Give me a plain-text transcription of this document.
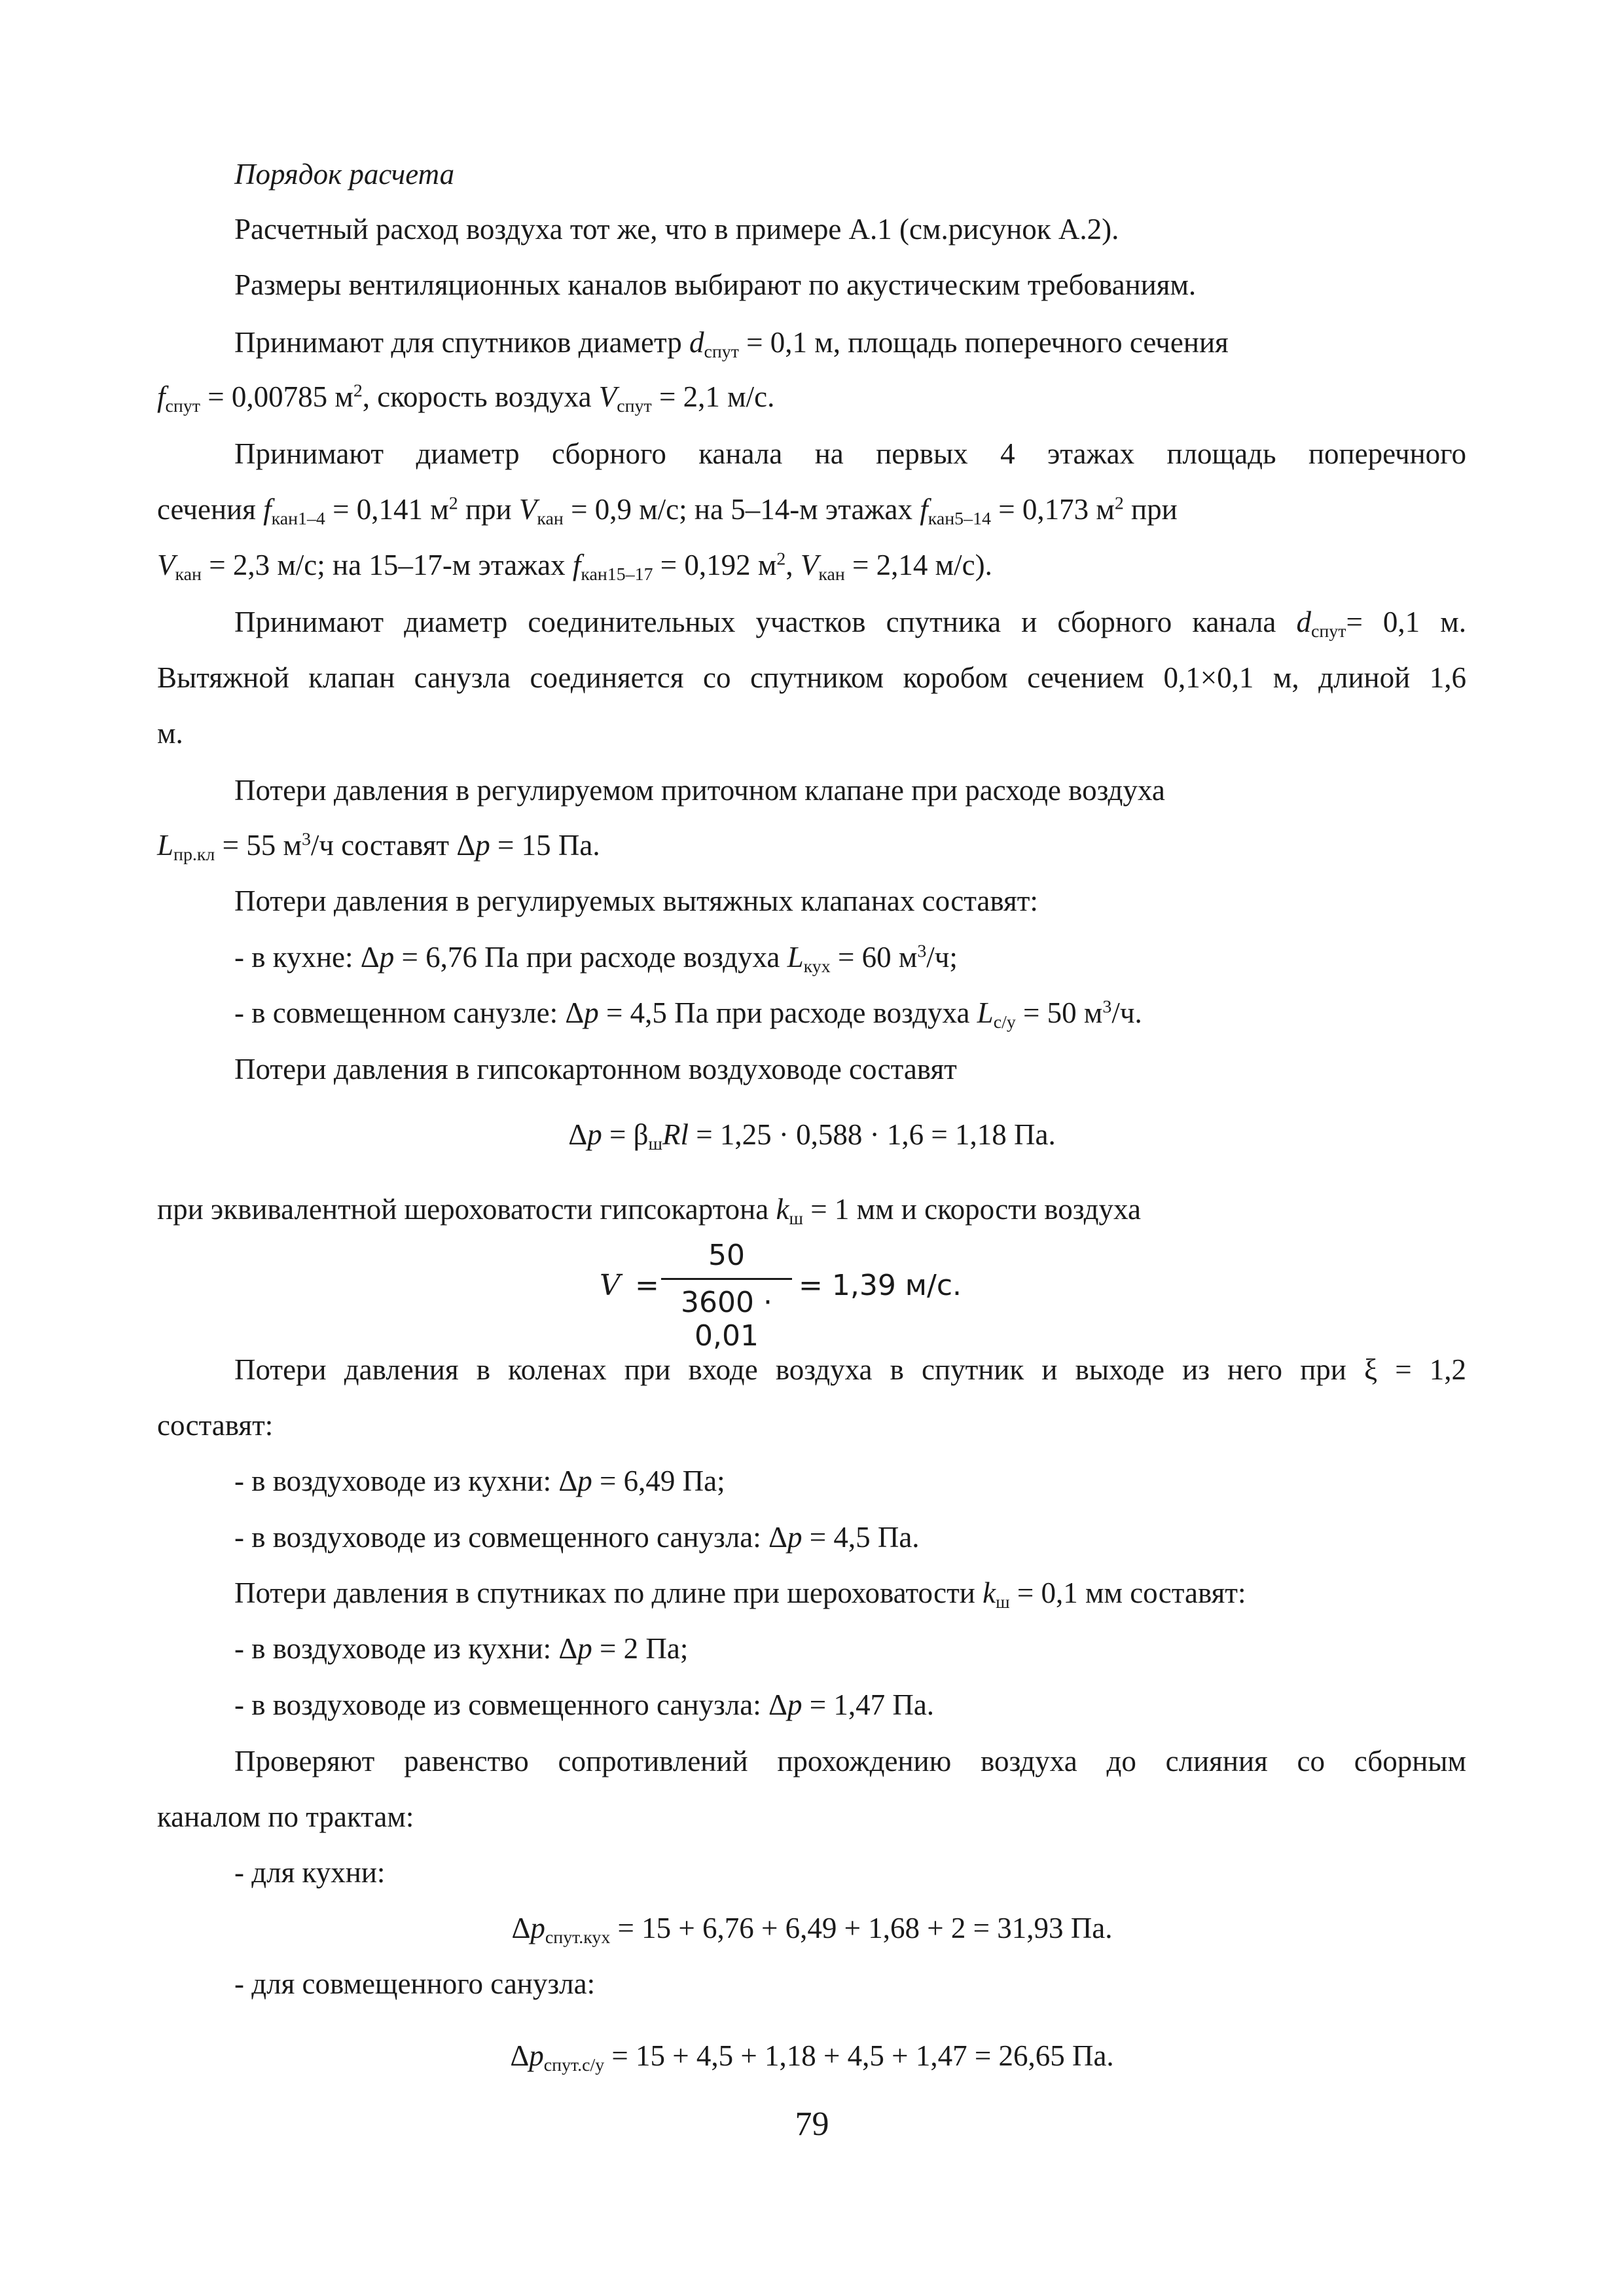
Порядок расчета
Расчетный расход воздуха тот же, что в примере А.1 (см.рисунок А.2).
Размеры вентиляционных каналов выбирают по акустическим требованиям.
Принимают для спутников диаметр $d_{спут} = 0,1$ м, площадь поперечного сечения
$f_{спут} = 0,00785$ $м^2$, скорость воздуха $V_{спут} = 2,1$ м/с.
Принимают диаметр сборного канала на первых 4 этажах площадь поперечного
сечения $f_{кан1-4} = 0,141$ $м^2$ при $V_{кан} = 0,9$ м/с; на 5–14-м этажах $f_{кан5-14} = 0,173$ $м^2$ при
$V_{кан} = 2,3$ м/с; на 15–17-м этажах $f_{кан15-17} = 0,192$ $м^2$, $V_{кан} = 2,14$ м/с).
Принимают диаметр соединительных участков спутника и сборного канала $d_{спут}= 0,1$ м.
Вытяжной клапан санузла соединяется со спутником коробом сечением 0,1×0,1 м, длиной 1,6
м.
Потери давления в регулируемом приточном клапане при расходе воздуха
$L_{пр.кл} = 55$ $м^3/ч$ составят Δp = 15 Па.
Потери давления в регулируемых вытяжных клапанах составят:
- в кухне: Δp = 6,76 Па при расходе воздуха $L_{кух} = 60$ $м^3/ч$;
- в совмещенном санузле: Δp = 4,5 Па при расходе воздуха $L_{с/у} = 50$ $м^3/ч$.
Потери давления в гипсокартонном воздуховоде составят
$\Delta p = \beta_шRl = 1,25 \cdot 0,588 \cdot 1,6 = 1,18$ Па.
при эквивалентной шероховатости гипсокартона $k_ш = 1$ мм и скорости воздуха
V =
50
3600 · 0,01
= 1,39 м/с.
Потери давления в коленах при входе воздуха в спутник и выходе из него при ξ = 1,2
составят:
- в воздуховоде из кухни: Δp = 6,49 Па;
- в воздуховоде из совмещенного санузла: Δp = 4,5 Па.
Потери давления в спутниках по длине при шероховатости $k_ш = 0,1$ мм составят:
- в воздуховоде из кухни: Δp = 2 Па;
- в воздуховоде из совмещенного санузла: Δp = 1,47 Па.
Проверяют равенство сопротивлений прохождению воздуха до слияния со сборным
каналом по трактам:
- для кухни:
$\Delta p_{спут.кух} = 15 + 6,76 + 6,49 + 1,68 + 2 = 31,93$ Па.
- для совмещенного санузла:
$\Delta p_{спут.с/у} = 15 + 4,5 + 1,18 + 4,5 + 1,47 = 26,65$ Па.
79
